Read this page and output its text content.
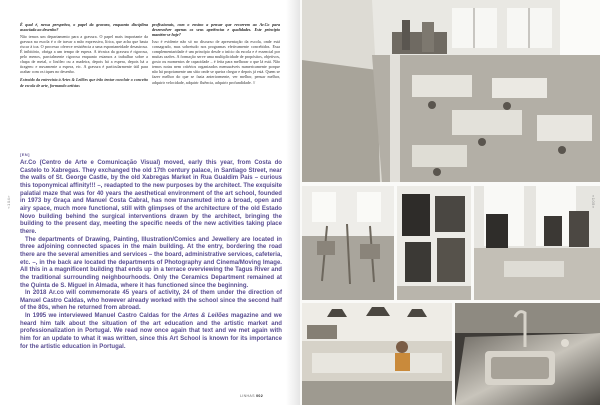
É qual é, nessa perspetiva, o papel da gravura, enquanto disciplina associada ao desenho?

Não temos um departamento para a gravura. O papel mais importante da gravura na escola é o de travar a mão expressiva, lírica, que acha que basta riscar à toa. O processo oferece resistência a uma espontaneidade desastrosa. É inibitório, obriga a um tempo de espera. A técnica da gravura é rigorosa, pelo menos, parcialmente rigorosa enquanto estamos a trabalhar sobre a chapa de metal, o linóleo ou a madeira, depois há a espera, depois há a tiragem: e nuvamente a espera, etc. A gravura é particularmente útil para acabar com os tiques no desenho.

Extraído da entrevista à Artes & Leilões que irão tentar concluir o conceito de escola de arte, formando artistas

profissionais, com o ensino a pensar que recorrem ao Ar.Co para desenvolver apenas os seus apetências e qualidades. Este princípio mantém-se hoje?

Isso é evidente não só no discurso de apresentação da escola, onde está consagrado, mas sobretudo nos programas efetivamente concebidos. Essa complementaridade é um princípio desde o início da escola e é essencial por muitas razões. A formação serve uma multiplicidade de propósitos, objetivos, gosto ou momentos de capacidade – é feita para melhorar o que lá está. Não temos notas nem critérios organizados mensuráveis numericamente porque não há propriamente um sítio onde se queira chegar e depois já está. Quem se fazer melhor do que se fazia anteriormente, ver melhor, pensar melhor, adquirir velocidade, adquirir fluência, adquirir profundidade. //

«104»
[EN]

Ar.Co (Centro de Arte e Comunicação Visual) moved, early this year, from Costa do Castelo to Xabregas. They exchanged the old 17th century palace, in Santiago Street, near the walls of St. George Castle, by the old Xabregas Market in Rua Gualdim Pais – curious this toponymical affinity!!! –, readapted to the new purposes by the architect. The exquisite palatial maze that was for 40 years the aesthetical environment of the art school, founded in 1973 by Graça and Manuel Costa Cabral, has now transmuted into a broad, open and airy space, much more functional, still with glimpses of the architecture of the old Estado Novo building behind the surgical interventions drawn by the architect, bringing the building to the present day, meeting the specific needs of the new activities taking place there.

The departments of Drawing, Painting, Illustration/Comics and Jewellery are located in three adjoining connected spaces in the main building. At the entry, bordering the road there are the several amenities and services – the board, administrative services, cafeteria, etc. –, in the back are located the departments of Photography and Cinema/Moving Image. All this in a magnificent building that ends up in a terrace overviewing the Tagus River and the traditional surrounding neighbourhoods. Only the Ceramics Department remained at the Quinta de S. Miguel in Almada, where it has functioned since the beginning.

In 2018 Ar.co will commemorate 45 years of activity, 24 of them under the direction of Manuel Castro Caldas, who however already worked with the school since the second half of the 80s, when he returned from abroad.

In 1995 we interviewed Manuel Castro Caldas for the Artes & Leilões magazine and we heard him talk about the situation of the art education and the artistic market and professionalization in Portugal. We read now once again that text and we met again with him for an update to what it was written, since this Art School is known for its importance for the artistic education in Portugal.

LINHAS 002
«105»
